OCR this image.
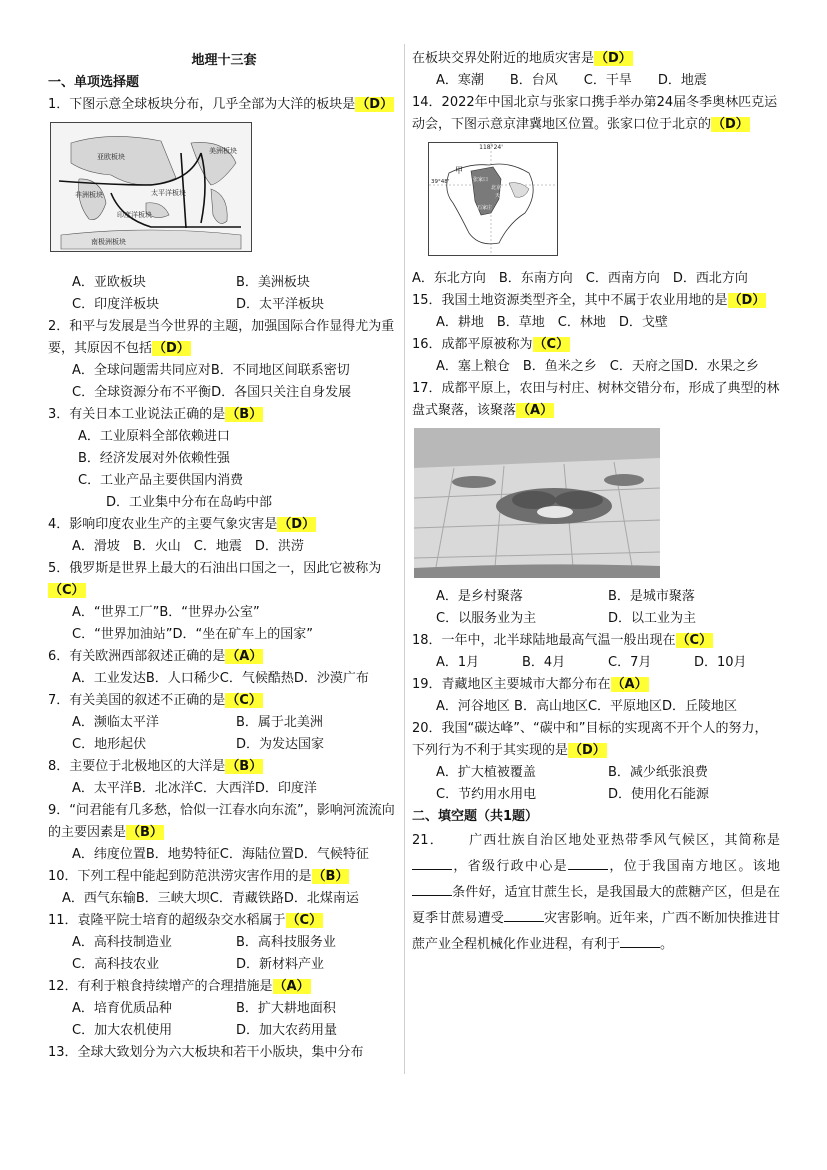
地理十三套
一、单项选择题
1．下图示意全球板块分布，几乎全部为大洋的板块是（D）
亚欧板块
美洲板块
非洲板块	太平洋板块
印度洋板块
南极洲板块
A．亚欧板块	B．美洲板块
C．印度洋板块	D．太平洋板块
2．和平与发展是当今世界的主题，加强国际合作显得尤为重要，其原因不包括（D）
A．全球问题需共同应对B．不同地区间联系密切
C．全球资源分布不平衡D．各国只关注自身发展
3．有关日本工业说法正确的是（B）
A．工业原料全部依赖进口
B．经济发展对外依赖性强
C．工业产品主要供国内消费
D．工业集中分布在岛屿中部
4．影响印度农业生产的主要气象灾害是（D）
A．滑坡　B．火山　C．地震　D．洪涝
5．俄罗斯是世界上最大的石油出口国之一，因此它被称为（C）
A．“世界工厂”B．“世界办公室”
C．“世界加油站”D．“坐在矿车上的国家”
6．有关欧洲西部叙述正确的是（A）
A．工业发达B．人口稀少C．气候酷热D．沙漠广布
7．有关美国的叙述不正确的是（C）
A．濒临太平洋	B．属于北美洲
C．地形起伏	D．为发达国家
8．主要位于北极地区的大洋是（B）
A．太平洋B．北冰洋C．大西洋D．印度洋
9．“问君能有几多愁，恰似一江春水向东流”，影响河流流向的主要因素是（B）
A．纬度位置B．地势特征C．海陆位置D．气候特征
10．下列工程中能起到防范洪涝灾害作用的是（B）
A．西气东输B．三峡大坝C．青藏铁路D．北煤南运
11．袁隆平院士培育的超级杂交水稻属于（C）
A．高科技制造业	B．高科技服务业
C．高科技农业	D．新材料产业
12．有利于粮食持续增产的合理措施是（A）
A．培育优质品种	B．扩大耕地面积
C．加大农机使用	D．加大农药用量
13．全球大致划分为六大板块和若干小版块，集中分布
在板块交界处附近的地质灾害是（D）
A．寒潮　　B．台风　　C．干旱　　D．地震
14．2022年中国北京与张家口携手举办第24届冬季奥林匹克运动会，下图示意京津冀地区位置。张家口位于北京的（D）
118°24'
39°48'
甲
张家口
北京
天津
石家庄
A．东北方向　B．东南方向　C．西南方向　D．西北方向
15．我国土地资源类型齐全，其中不属于农业用地的是（D）
A．耕地　B．草地　C．林地　D．戈壁
16．成都平原被称为（C）
A．塞上粮仓　B．鱼米之乡　C．天府之国D．水果之乡
17．成都平原上，农田与村庄、树林交错分布，形成了典型的林盘式聚落，该聚落（A）
A．是乡村聚落	B．是城市聚落
C．以服务业为主	D．以工业为主
18．一年中，北半球陆地最高气温一般出现在（C）
A．1月	B．4月	C．7月	D．10月
19．青藏地区主要城市大都分布在（A）
A．河谷地区 B．高山地区C．平原地区D．丘陵地区
20．我国“碳达峰”、“碳中和”目标的实现离不开个人的努力，下列行为不利于其实现的是（D）
A．扩大植被覆盖	B．减少纸张浪费
C．节约用水用电	D．使用化石能源
二、填空题（共1题）
21． 广西壮族自治区地处亚热带季风气候区，其简称是，省级行政中心是	，位于我国南方地区。该地条件好，适宜甘蔗生长，是我国最大的蔗糖产区，但是在夏季甘蔗易遭受	灾害影响。近年来，广西不断加快推进甘蔗产业全程机械化作业进程，有利于	。
